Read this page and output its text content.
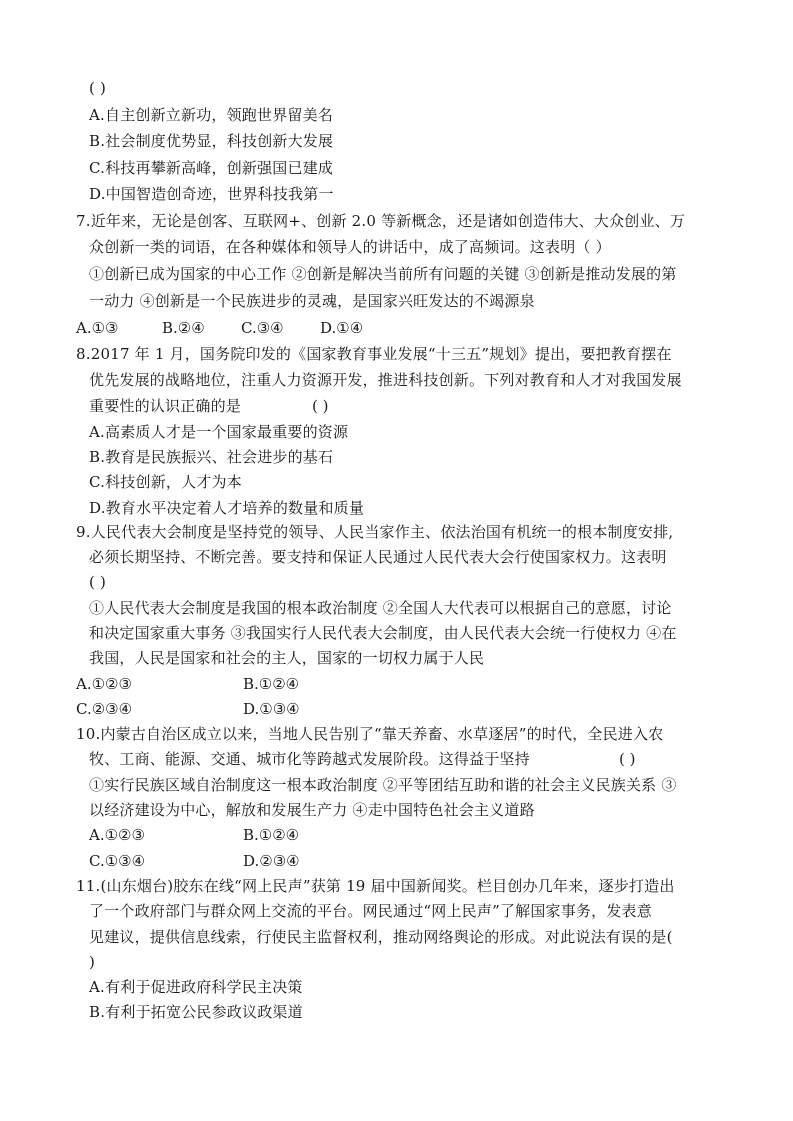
( )
A.自主创新立新功，领跑世界留美名
B.社会制度优势显，科技创新大发展
C.科技再攀新高峰，创新强国已建成
D.中国智造创奇迹，世界科技我第一
7.近年来，无论是创客、互联网+、创新 2.0 等新概念，还是诸如创造伟大、大众创业、万
众创新一类的词语，在各种媒体和领导人的讲话中，成了高频词。这表明（ ）
①创新已成为国家的中心工作 ②创新是解决当前所有问题的关键 ③创新是推动发展的第
一动力 ④创新是一个民族进步的灵魂，是国家兴旺发达的不竭源泉
A.①③	B.②④ C.③④ D.①④
8.2017 年 1 月，国务院印发的《国家教育事业发展“十三五”规划》提出，要把教育摆在
优先发展的战略地位，注重人力资源开发，推进科技创新。下列对教育和人才对我国发展
重要性的认识正确的是	( )
A.高素质人才是一个国家最重要的资源
B.教育是民族振兴、社会进步的基石
C.科技创新，人才为本
D.教育水平决定着人才培养的数量和质量
9.人民代表大会制度是坚持党的领导、人民当家作主、依法治国有机统一的根本制度安排,
必须长期坚持、不断完善。要支持和保证人民通过人民代表大会行使国家权力。这表明
( )
①人民代表大会制度是我国的根本政治制度 ②全国人大代表可以根据自己的意愿，讨论
和决定国家重大事务 ③我国实行人民代表大会制度，由人民代表大会统一行使权力 ④在
我国，人民是国家和社会的主人，国家的一切权力属于人民
A.①②③	B.①②④
C.②③④	D.①③④
10.内蒙古自治区成立以来，当地人民告别了“靠天养畜、水草逐居”的时代，全民进入农
牧、工商、能源、交通、城市化等跨越式发展阶段。这得益于坚持	( )
①实行民族区域自治制度这一根本政治制度 ②平等团结互助和谐的社会主义民族关系 ③
以经济建设为中心，解放和发展生产力 ④走中国特色社会主义道路
A.①②③	B.①②④
C.①③④	D.②③④
11.(山东烟台)胶东在线“网上民声”获第 19 届中国新闻奖。栏目创办几年来，逐步打造出
了一个政府部门与群众网上交流的平台。网民通过“网上民声”了解国家事务，发表意
见建议，提供信息线索，行使民主监督权利，推动网络舆论的形成。对此说法有误的是(
)
A.有利于促进政府科学民主决策
B.有利于拓宽公民参政议政渠道
